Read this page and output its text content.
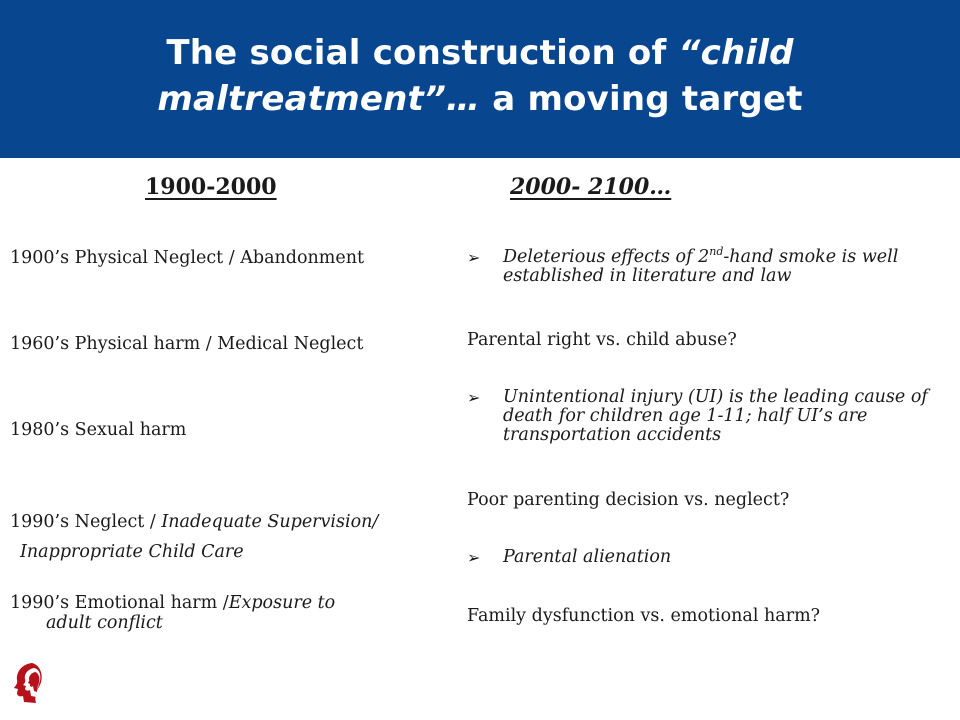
The social construction of “child maltreatment”… a moving target
1900-2000	2000- 2100…
1900’s Physical Neglect / Abandonment
1960’s Physical harm / Medical Neglect
1980’s Sexual harm
1990’s Neglect / Inadequate Supervision/
Inappropriate Child Care
1990’s Emotional harm /Exposure to
adult conflict
➢ Deleterious effects of 2nd-hand smoke is well established in literature and law
Parental right vs. child abuse?
➢ Unintentional injury (UI) is the leading cause of death for children age 1-11; half UI’s are transportation accidents
Poor parenting decision vs. neglect?
➢ Parental alienation
Family dysfunction vs. emotional harm?
